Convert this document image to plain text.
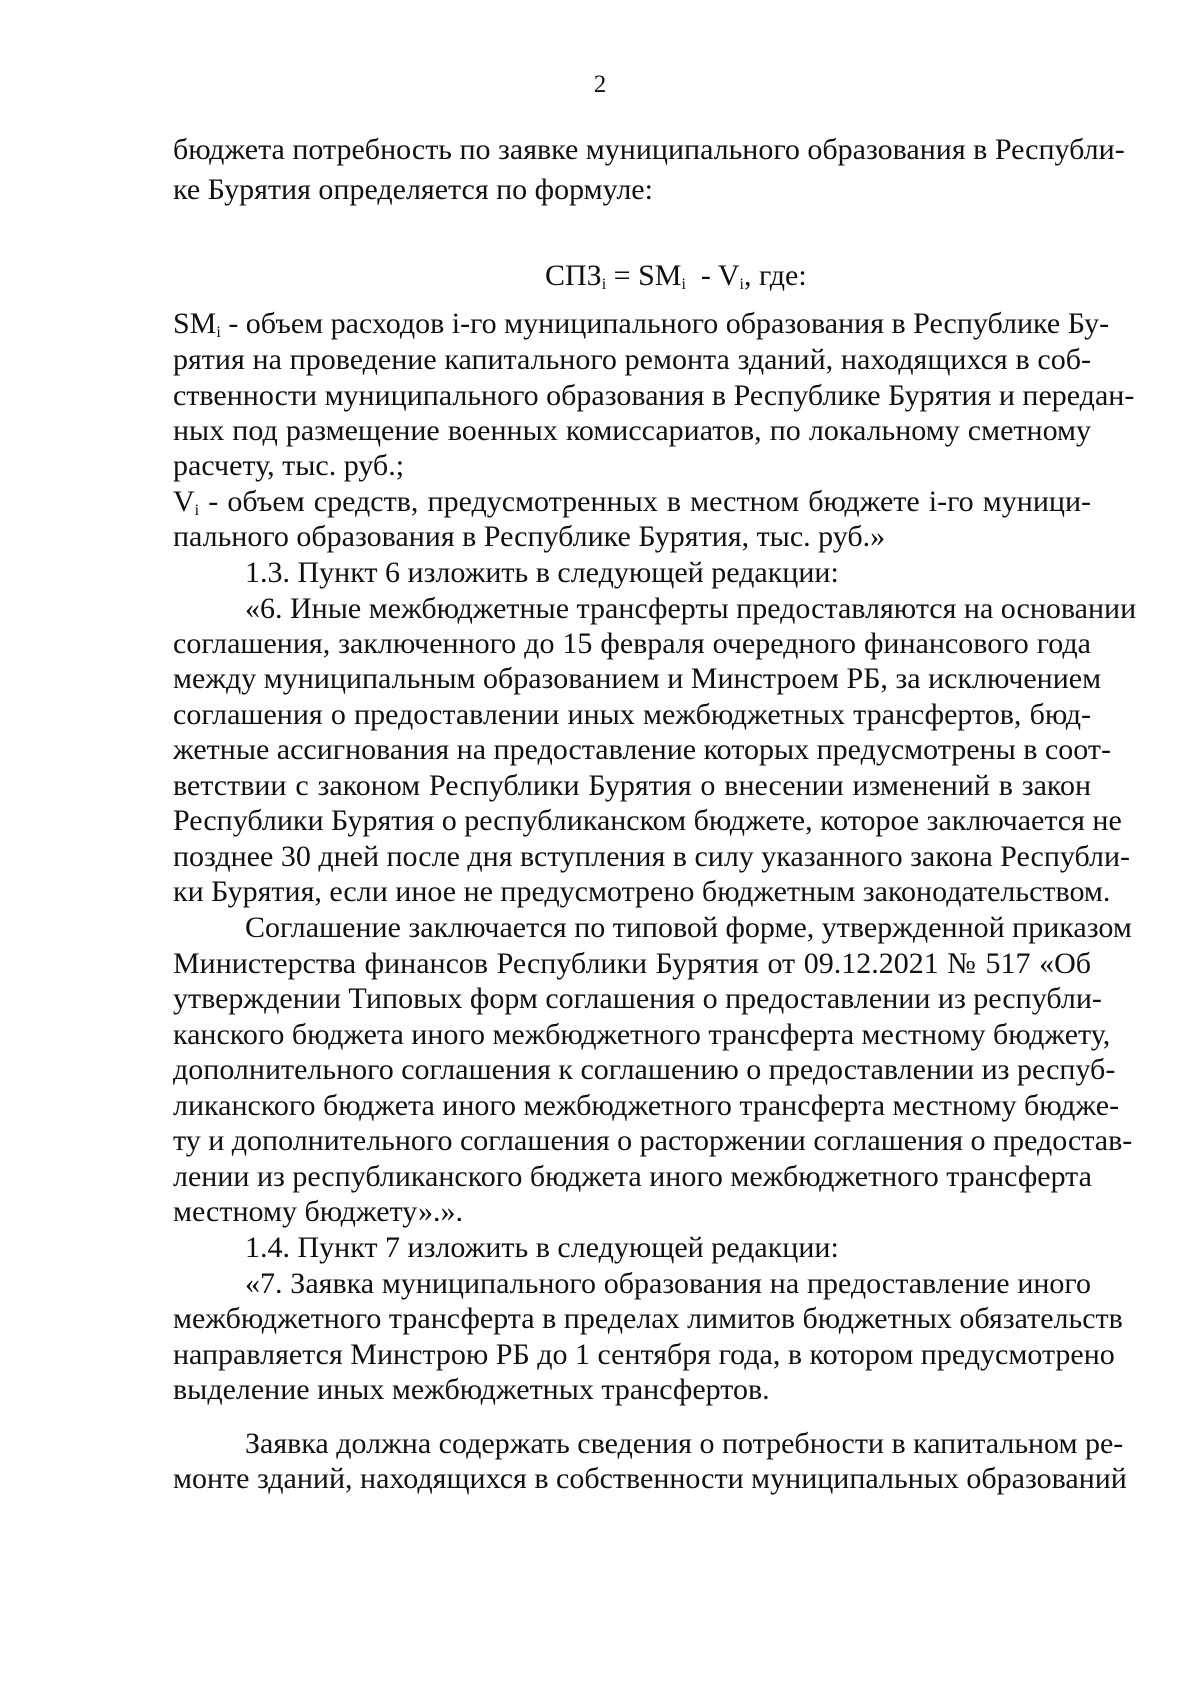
2

бюджета потребность по заявке муниципального образования в Республи-

ке Бурятия определяется по формуле:

$СПЗ_i = SM_i - V_i$, где:

$SM_i$ - объем расходов i-го муниципального образования в Республике Бу-

рятия на проведение капитального ремонта зданий, находящихся в соб-

ственности муниципального образования в Республике Бурятия и передан-

ных под размещение военных комиссариатов, по локальному сметному

расчету, тыс. руб.;

$V_i$ - объем средств, предусмотренных в местном бюджете i-го муници-

пального образования в Республике Бурятия, тыс. руб.»

1.3. Пункт 6 изложить в следующей редакции:

«6. Иные межбюджетные трансферты предоставляются на основании

соглашения, заключенного до 15 февраля очередного финансового года

между муниципальным образованием и Минстроем РБ, за исключением

соглашения о предоставлении иных межбюджетных трансфертов, бюд-

жетные ассигнования на предоставление которых предусмотрены в соот-

ветствии с законом Республики Бурятия о внесении изменений в закон

Республики Бурятия о республиканском бюджете, которое заключается не

позднее 30 дней после дня вступления в силу указанного закона Республи-

ки Бурятия, если иное не предусмотрено бюджетным законодательством.

Соглашение заключается по типовой форме, утвержденной приказом

Министерства финансов Республики Бурятия от 09.12.2021 № 517 «Об

утверждении Типовых форм соглашения о предоставлении из республи-

канского бюджета иного межбюджетного трансферта местному бюджету,

дополнительного соглашения к соглашению о предоставлении из респуб-

ликанского бюджета иного межбюджетного трансферта местному бюдже-

ту и дополнительного соглашения о расторжении соглашения о предостав-

лении из республиканского бюджета иного межбюджетного трансферта

местному бюджету».».

1.4. Пункт 7 изложить в следующей редакции:

«7. Заявка муниципального образования на предоставление иного

межбюджетного трансферта в пределах лимитов бюджетных обязательств

направляется Минстрою РБ до 1 сентября года, в котором предусмотрено

выделение иных межбюджетных трансфертов.

Заявка должна содержать сведения о потребности в капитальном ре-

монте зданий, находящихся в собственности муниципальных образований
